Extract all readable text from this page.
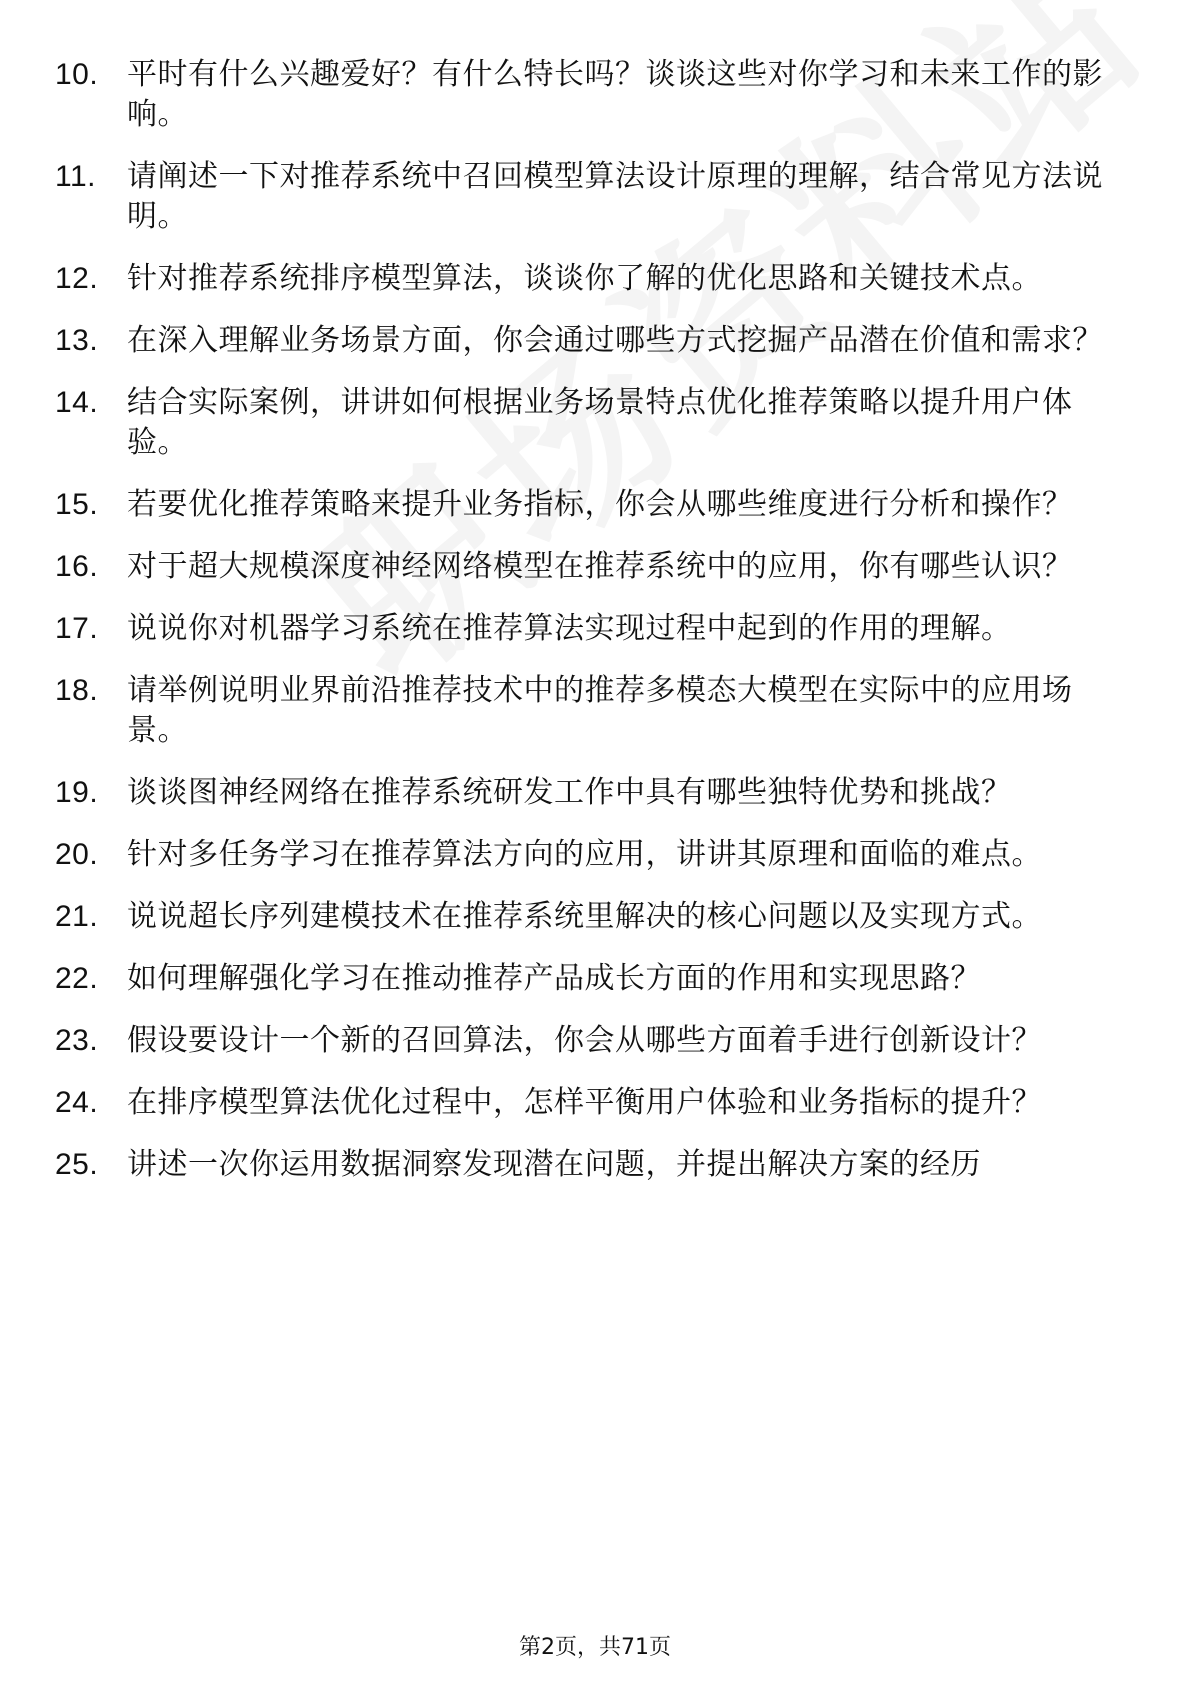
10. 平时有什么兴趣爱好？有什么特长吗？谈谈这些对你学习和未来工作的影响。
11. 请阐述一下对推荐系统中召回模型算法设计原理的理解，结合常见方法说明。
12. 针对推荐系统排序模型算法，谈谈你了解的优化思路和关键技术点。
13. 在深入理解业务场景方面，你会通过哪些方式挖掘产品潜在价值和需求？
14. 结合实际案例，讲讲如何根据业务场景特点优化推荐策略以提升用户体验。
15. 若要优化推荐策略来提升业务指标，你会从哪些维度进行分析和操作？
16. 对于超大规模深度神经网络模型在推荐系统中的应用，你有哪些认识？
17. 说说你对机器学习系统在推荐算法实现过程中起到的作用的理解。
18. 请举例说明业界前沿推荐技术中的推荐多模态大模型在实际中的应用场景。
19. 谈谈图神经网络在推荐系统研发工作中具有哪些独特优势和挑战？
20. 针对多任务学习在推荐算法方向的应用，讲讲其原理和面临的难点。
21. 说说超长序列建模技术在推荐系统里解决的核心问题以及实现方式。
22. 如何理解强化学习在推动推荐产品成长方面的作用和实现思路？
23. 假设要设计一个新的召回算法，你会从哪些方面着手进行创新设计？
24. 在排序模型算法优化过程中，怎样平衡用户体验和业务指标的提升？
25. 讲述一次你运用数据洞察发现潜在问题，并提出解决方案的经历
第2页，共71页
